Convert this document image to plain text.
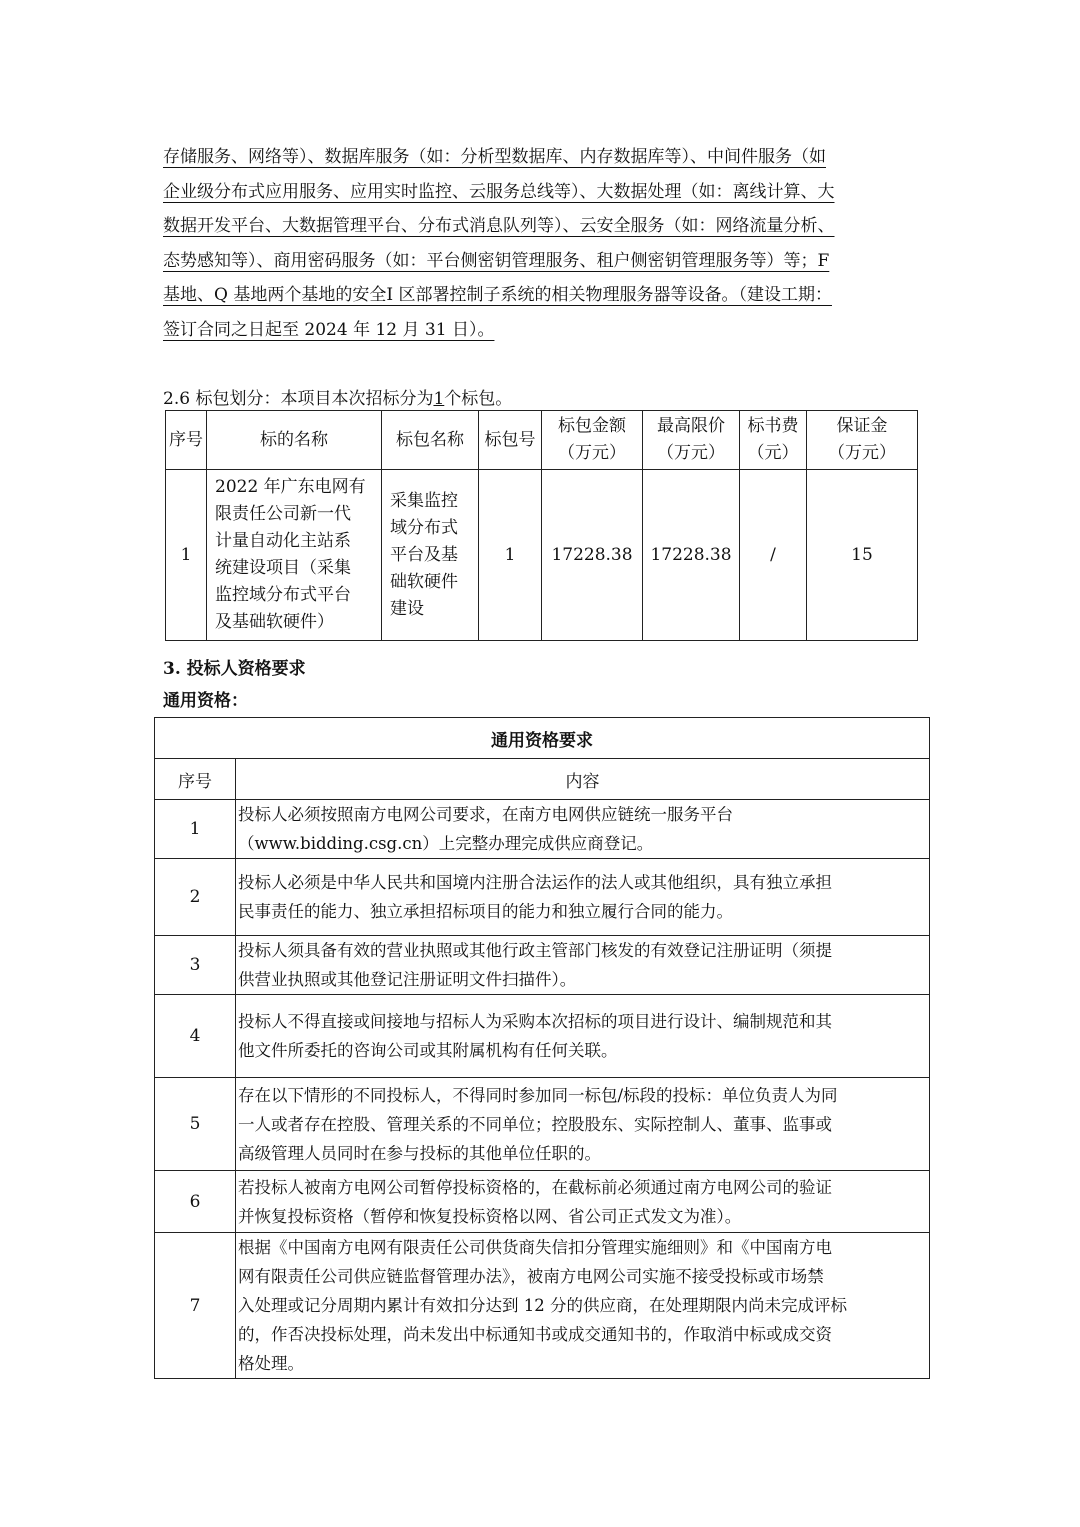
存储服务、网络等）、数据库服务（如：分析型数据库、内存数据库等）、中间件服务（如
企业级分布式应用服务、应用实时监控、云服务总线等）、大数据处理（如：离线计算、大
数据开发平台、大数据管理平台、分布式消息队列等）、云安全服务（如：网络流量分析、
态势感知等）、商用密码服务（如：平台侧密钥管理服务、租户侧密钥管理服务等）等；F
基地、Q 基地两个基地的安全Ⅰ 区部署控制子系统的相关物理服务器等设备。（建设工期：
签订合同之日起至 2024 年 12 月 31 日）。
2.6 标包划分：本项目本次招标分为1个标包。
序号	标的名称	标包名称	标包号	标包金额
（万元）	最高限价
（万元）	标书费
（元）	保证金
（万元）
1	2022 年广东电网有
限责任公司新一代
计量自动化主站系
统建设项目（采集
监控域分布式平台
及基础软硬件）	采集监控
域分布式
平台及基
础软硬件
建设	1	17228.38	17228.38	/	15
3. 投标人资格要求
通用资格：
通用资格要求	
序号	内容
1	投标人必须按照南方电网公司要求，在南方电网供应链统一服务平台
（www.bidding.csg.cn）上完整办理完成供应商登记。
2	投标人必须是中华人民共和国境内注册合法运作的法人或其他组织，具有独立承担
民事责任的能力、独立承担招标项目的能力和独立履行合同的能力。
3	投标人须具备有效的营业执照或其他行政主管部门核发的有效登记注册证明（须提
供营业执照或其他登记注册证明文件扫描件）。
4	投标人不得直接或间接地与招标人为采购本次招标的项目进行设计、编制规范和其
他文件所委托的咨询公司或其附属机构有任何关联。
5	存在以下情形的不同投标人，不得同时参加同一标包/标段的投标：单位负责人为同
一人或者存在控股、管理关系的不同单位；控股股东、实际控制人、董事、监事或
高级管理人员同时在参与投标的其他单位任职的。
6	若投标人被南方电网公司暂停投标资格的，在截标前必须通过南方电网公司的验证
并恢复投标资格（暂停和恢复投标资格以网、省公司正式发文为准）。
7	根据《中国南方电网有限责任公司供货商失信扣分管理实施细则》和《中国南方电
网有限责任公司供应链监督管理办法》，被南方电网公司实施不接受投标或市场禁
入处理或记分周期内累计有效扣分达到 12 分的供应商，在处理期限内尚未完成评标
的，作否决投标处理，尚未发出中标通知书或成交通知书的，作取消中标或成交资
格处理。
